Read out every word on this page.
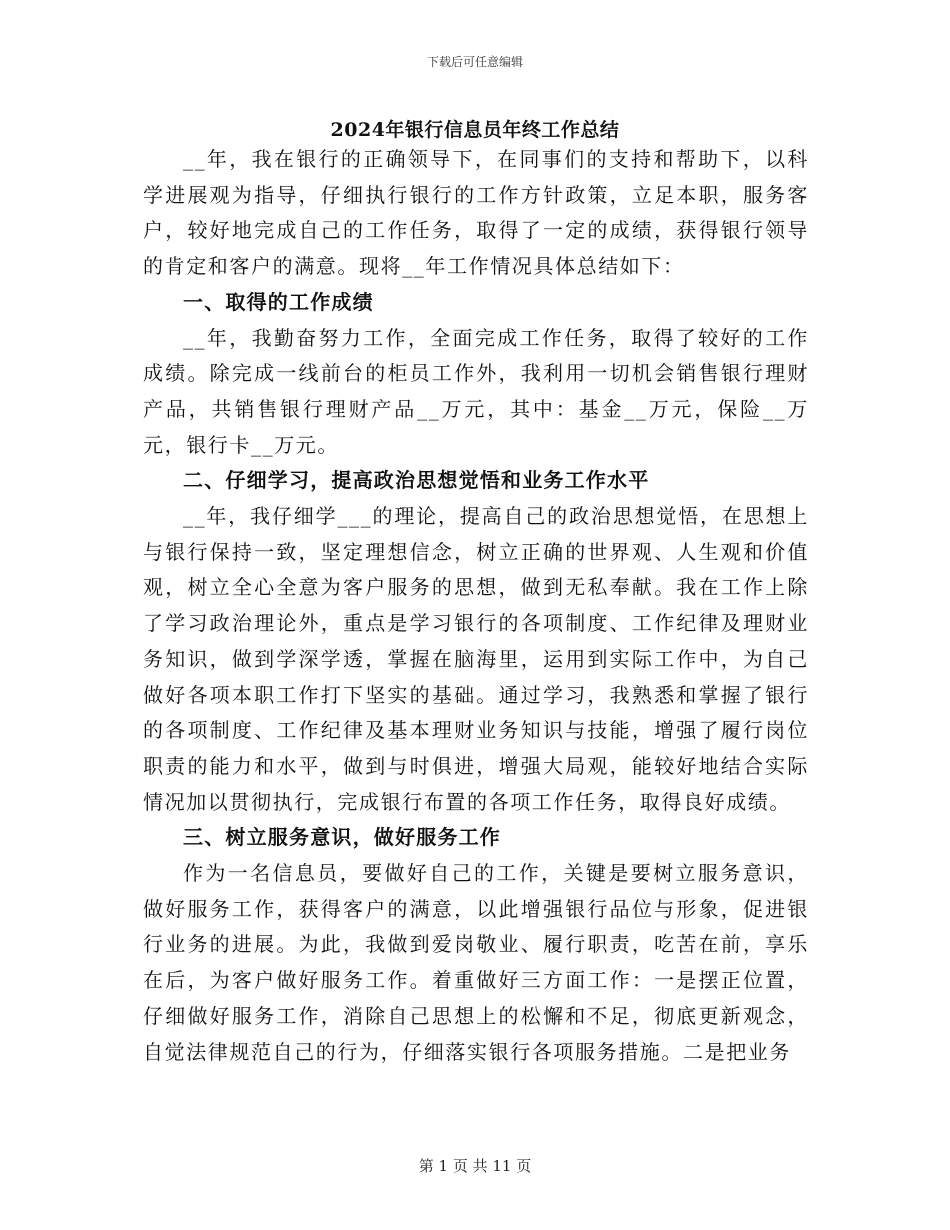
下载后可任意编辑
2024年银行信息员年终工作总结

__年，我在银行的正确领导下，在同事们的支持和帮助下，以科学进展观为指导，仔细执行银行的工作方针政策，立足本职，服务客户，较好地完成自己的工作任务，取得了一定的成绩，获得银行领导的肯定和客户的满意。现将__年工作情况具体总结如下：

一、取得的工作成绩

__年，我勤奋努力工作，全面完成工作任务，取得了较好的工作成绩。除完成一线前台的柜员工作外，我利用一切机会销售银行理财产品，共销售银行理财产品__万元，其中：基金__万元，保险__万元，银行卡__万元。

二、仔细学习，提高政治思想觉悟和业务工作水平

__年，我仔细学___的理论，提高自己的政治思想觉悟，在思想上与银行保持一致，坚定理想信念，树立正确的世界观、人生观和价值观，树立全心全意为客户服务的思想，做到无私奉献。我在工作上除了学习政治理论外，重点是学习银行的各项制度、工作纪律及理财业务知识，做到学深学透，掌握在脑海里，运用到实际工作中，为自己做好各项本职工作打下坚实的基础。通过学习，我熟悉和掌握了银行的各项制度、工作纪律及基本理财业务知识与技能，增强了履行岗位职责的能力和水平，做到与时俱进，增强大局观，能较好地结合实际情况加以贯彻执行，完成银行布置的各项工作任务，取得良好成绩。

三、树立服务意识，做好服务工作

作为一名信息员，要做好自己的工作，关键是要树立服务意识，做好服务工作，获得客户的满意，以此增强银行品位与形象，促进银行业务的进展。为此，我做到爱岗敬业、履行职责，吃苦在前，享乐在后，为客户做好服务工作。着重做好三方面工作：一是摆正位置，仔细做好服务工作，消除自己思想上的松懈和不足，彻底更新观念，自觉法律规范自己的行为，仔细落实银行各项服务措施。二是把业务

第 1 页 共 11 页
